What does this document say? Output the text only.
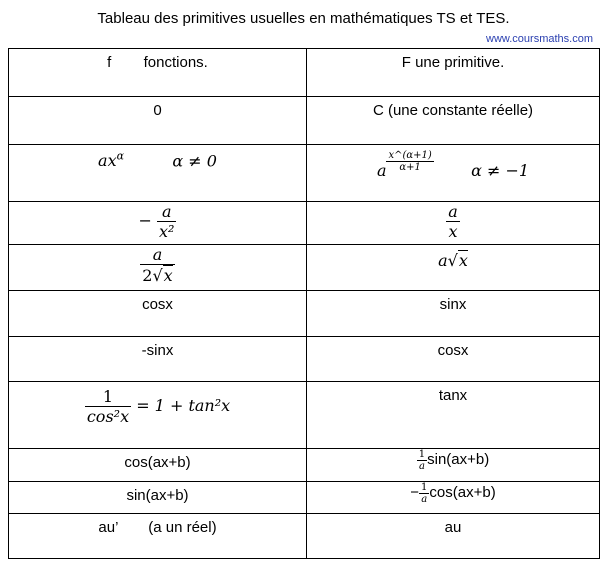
Tableau des primitives usuelles en mathématiques TS et TES.
www.coursmaths.com
f fonctions.	F une primitive.
0	C (une constante réelle)
$ax^\alpha$ α ≠ 0	a $\frac{x\^{}(\alpha+1)}{\alpha+1}$ α ≠ −1
− $\frac{a}{\text{x²}}$	$\frac{a}{x}$

$\frac{a}{2√x}$	a√x
cosx	sinx
-sinx	cosx

$\frac{1}{\text{cos²x}} = 1 + \tan^2x$	tanx
cos(ax+b)	$\frac{1}{a} \sin(ax+b)$
sin(ax+b)	− $\frac{1}{a} \cos(ax+b)$
au’ (a un réel)	au
